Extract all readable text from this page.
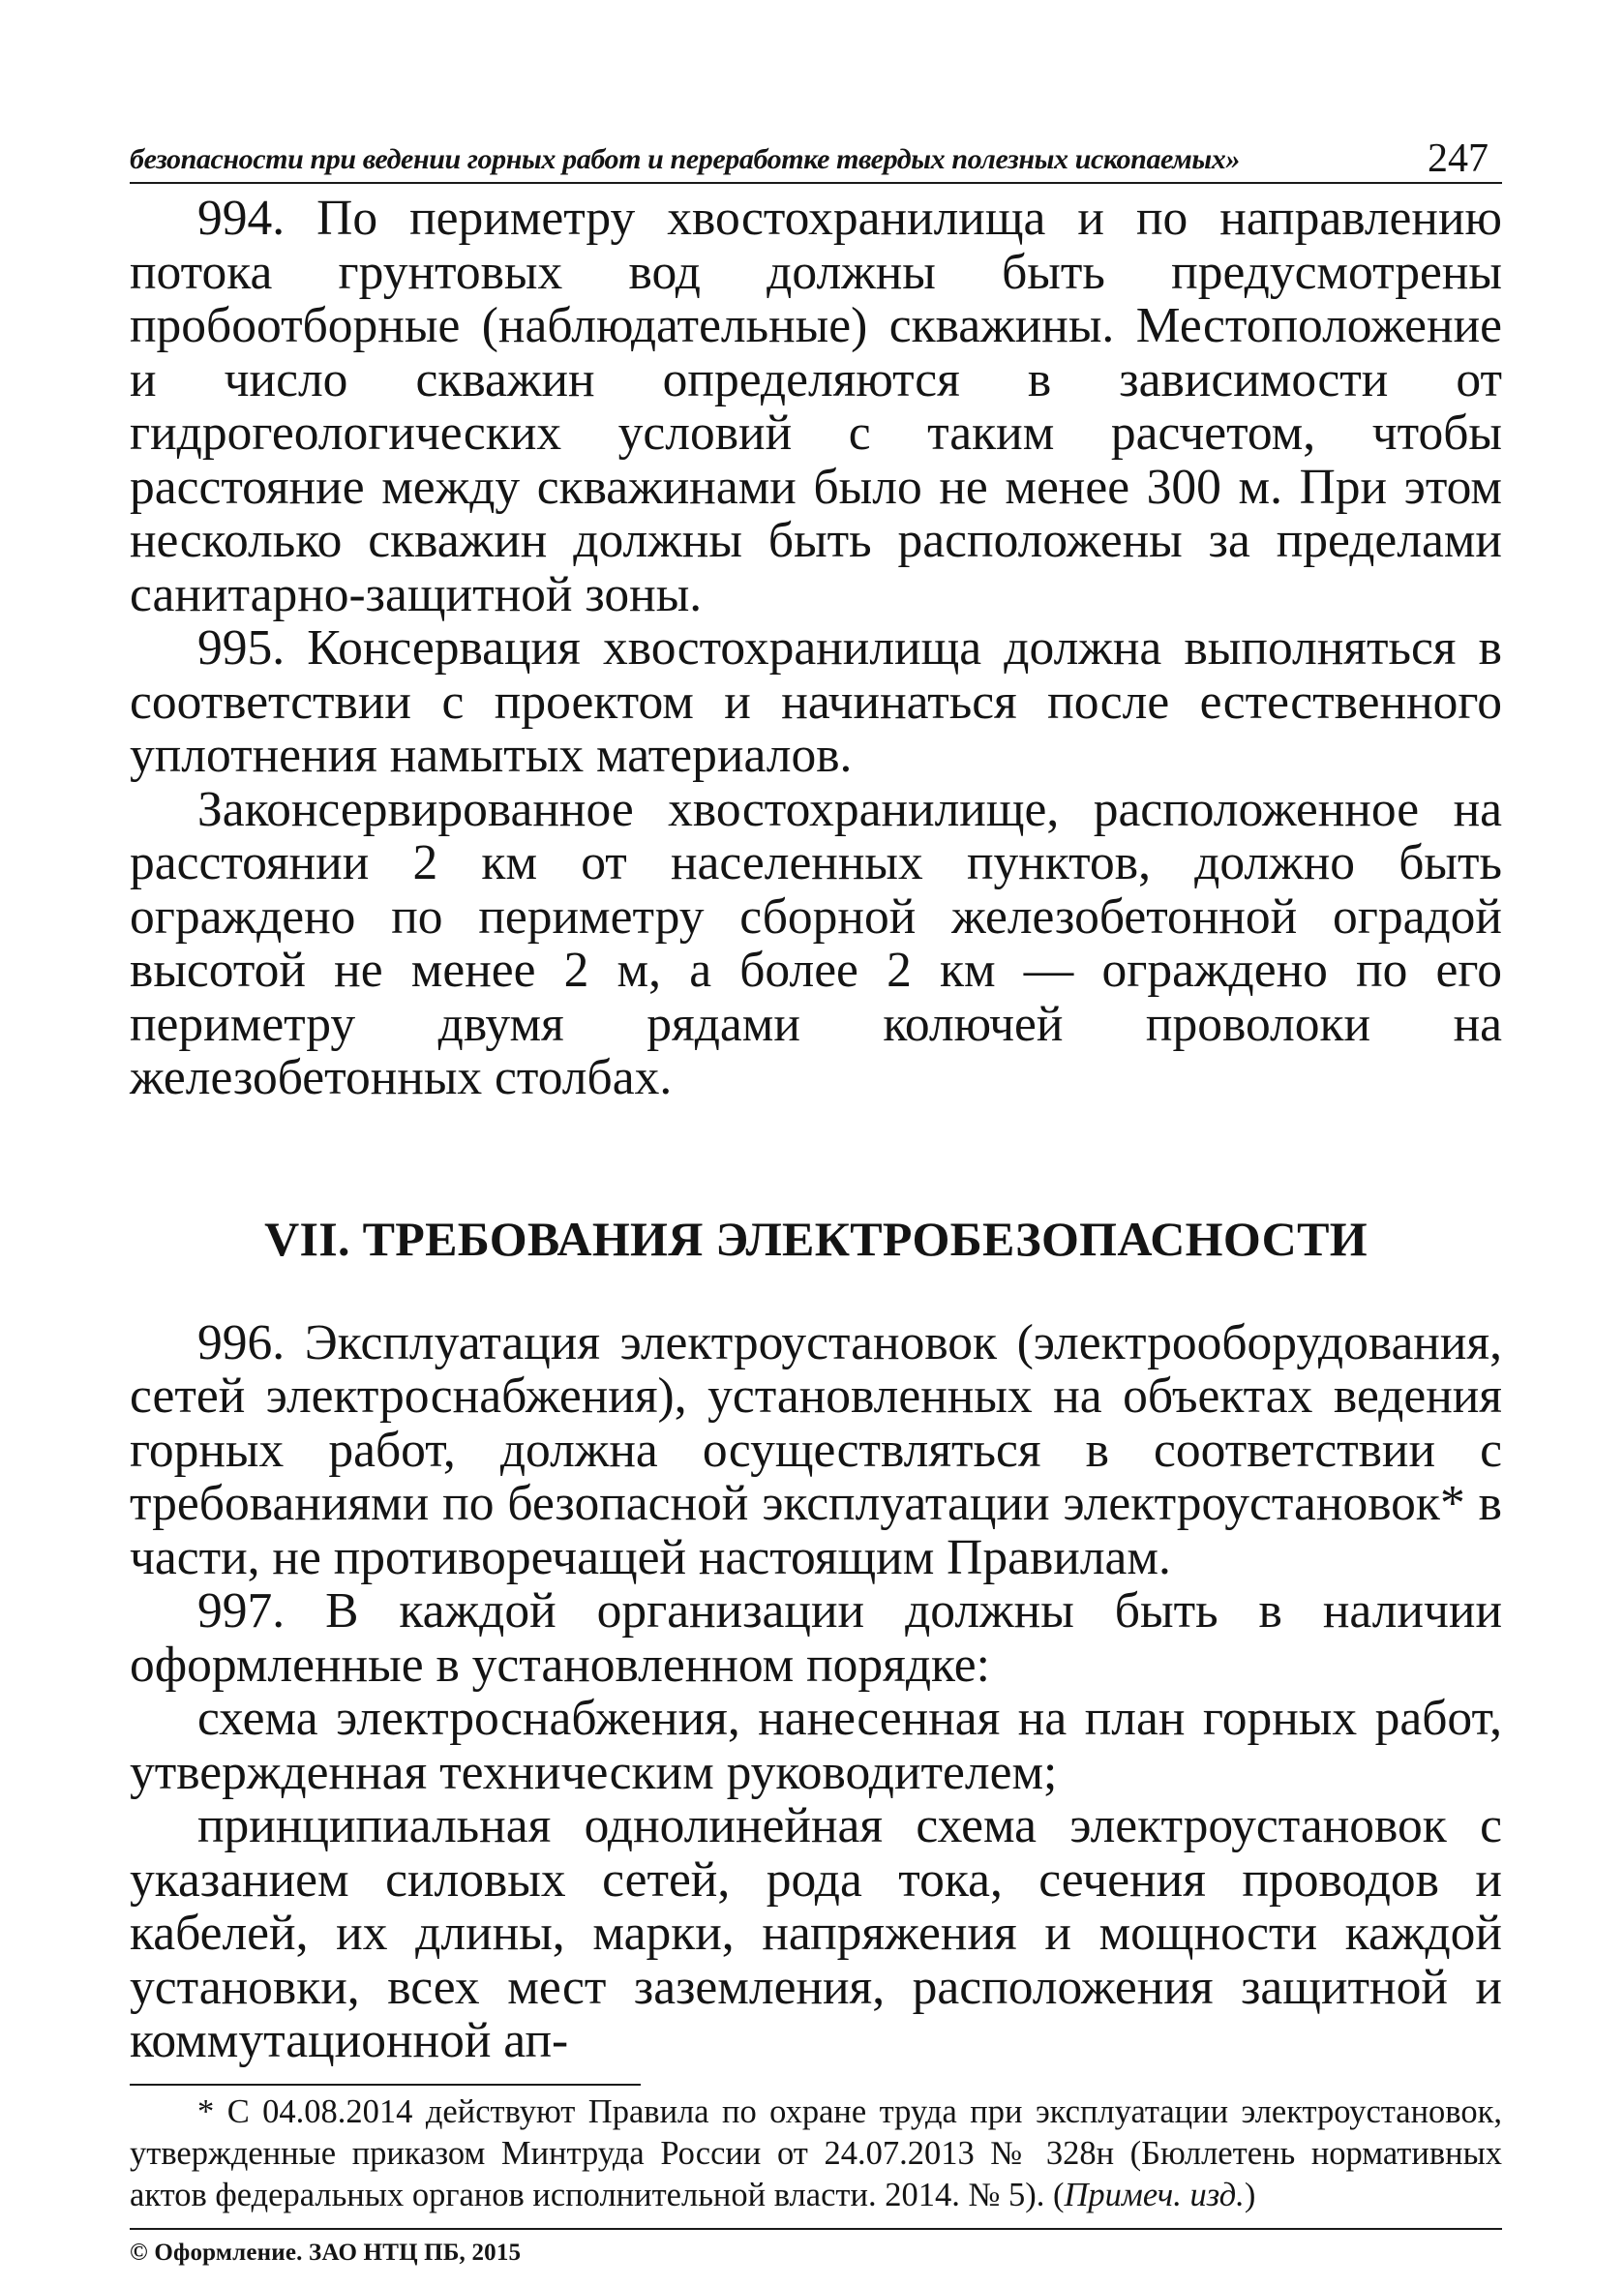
безопасности при ведении горных работ и переработке твердых полезных ископаемых»	247

994. По периметру хвостохранилища и по направлению потока грунтовых вод должны быть предусмотрены пробоотборные (наблюдательные) скважины. Местоположение и число скважин определяются в зависимости от гидрогеологических условий с таким расчетом, чтобы расстояние между скважинами было не менее 300 м. При этом несколько скважин должны быть расположены за пределами санитарно-защитной зоны.

995. Консервация хвостохранилища должна выполняться в соответствии с проектом и начинаться после естественного уплотнения намытых материалов.

Законсервированное хвостохранилище, расположенное на расстоянии 2 км от населенных пунктов, должно быть ограждено по периметру сборной железобетонной оградой высотой не менее 2 м, а более 2 км — ограждено по его периметру двумя рядами колючей проволоки на железобетонных столбах.

VII. ТРЕБОВАНИЯ ЭЛЕКТРОБЕЗОПАСНОСТИ

996. Эксплуатация электроустановок (электрооборудования, сетей электроснабжения), установленных на объектах ведения горных работ, должна осуществляться в соответствии с требованиями по безопасной эксплуатации электроустановок* в части, не противоречащей настоящим Правилам.

997. В каждой организации должны быть в наличии оформленные в установленном порядке:

схема электроснабжения, нанесенная на план горных работ, утвержденная техническим руководителем;

принципиальная однолинейная схема электроустановок с указанием силовых сетей, рода тока, сечения проводов и кабелей, их длины, марки, напряжения и мощности каждой установки, всех мест заземления, расположения защитной и коммутационной ап-

* С 04.08.2014 действуют Правила по охране труда при эксплуатации электроустановок, утвержденные приказом Минтруда России от 24.07.2013 № 328н (Бюллетень нормативных актов федеральных органов исполнительной власти. 2014. № 5). (Примеч. изд.)
© Оформление. ЗАО НТЦ ПБ, 2015
